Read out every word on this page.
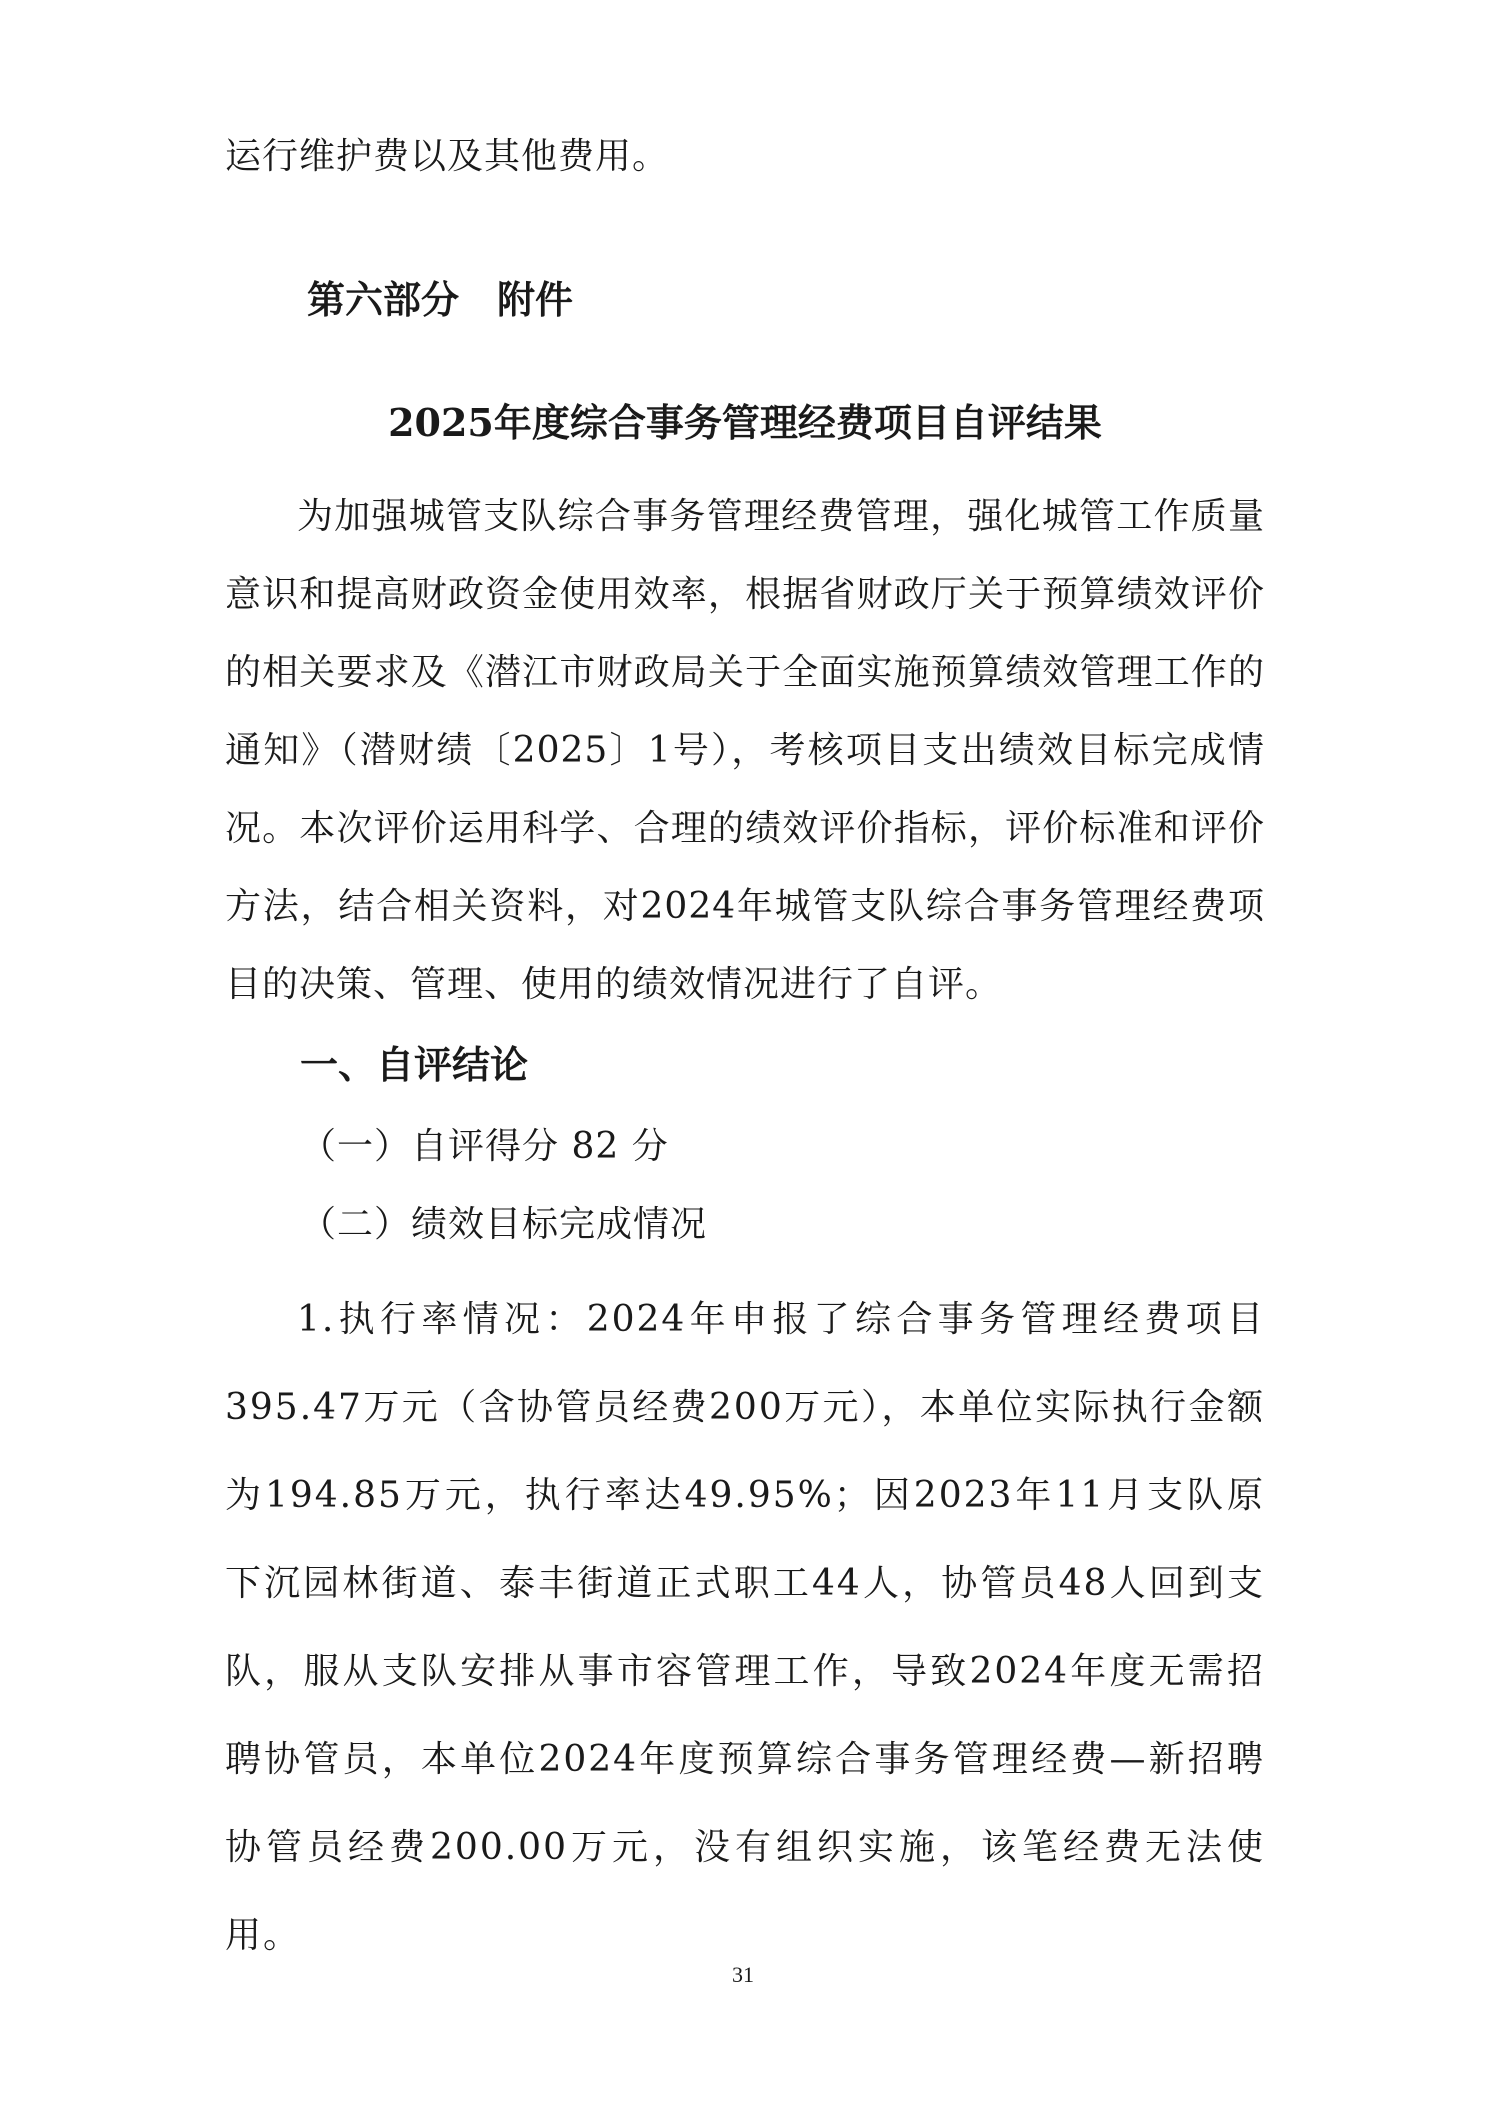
运行维护费以及其他费用。

第六部分　附件

2025年度综合事务管理经费项目自评结果

为加强城管支队综合事务管理经费管理，强化城管工作质量意识和提高财政资金使用效率，根据省财政厅关于预算绩效评价的相关要求及《潜江市财政局关于全面实施预算绩效管理工作的通知》（潜财绩〔2025〕1号），考核项目支出绩效目标完成情况。本次评价运用科学、合理的绩效评价指标，评价标准和评价方法，结合相关资料，对2024年城管支队综合事务管理经费项目的决策、管理、使用的绩效情况进行了自评。

一、自评结论

（一）自评得分 82 分

（二）绩效目标完成情况

1.执行率情况：2024年申报了综合事务管理经费项目395.47万元（含协管员经费200万元），本单位实际执行金额为194.85万元，执行率达49.95%；因2023年11月支队原下沉园林街道、泰丰街道正式职工44人，协管员48人回到支队，服从支队安排从事市容管理工作，导致2024年度无需招聘协管员，本单位2024年度预算综合事务管理经费—新招聘协管员经费200.00万元，没有组织实施，该笔经费无法使用。

31
